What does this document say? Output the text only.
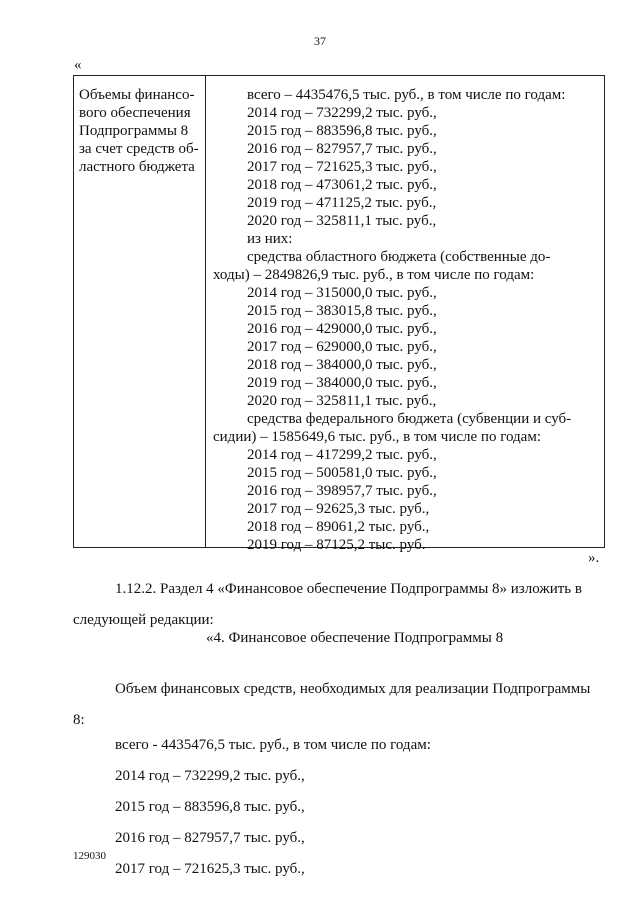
37
«
Объемы финансо-
вого обеспечения
Подпрограммы 8
за счет средств об-
ластного бюджета
всего – 4435476,5 тыс. руб., в том числе по годам:
2014 год – 732299,2 тыс. руб.,
2015 год – 883596,8 тыс. руб.,
2016 год – 827957,7 тыс. руб.,
2017 год – 721625,3 тыс. руб.,
2018 год – 473061,2 тыс. руб.,
2019 год – 471125,2 тыс. руб.,
2020 год – 325811,1 тыс. руб.,
из них:
средства областного бюджета (собственные до-
ходы) – 2849826,9 тыс. руб., в том числе по годам:
2014 год – 315000,0 тыс. руб.,
2015 год – 383015,8 тыс. руб.,
2016 год – 429000,0 тыс. руб.,
2017 год – 629000,0 тыс. руб.,
2018 год – 384000,0 тыс. руб.,
2019 год – 384000,0 тыс. руб.,
2020 год – 325811,1 тыс. руб.,
средства федерального бюджета (субвенции и суб-
сидии) – 1585649,6 тыс. руб., в том числе по годам:
2014 год – 417299,2 тыс. руб.,
2015 год – 500581,0 тыс. руб.,
2016 год – 398957,7 тыс. руб.,
2017 год – 92625,3 тыс. руб.,
2018 год – 89061,2 тыс. руб.,
2019 год – 87125,2 тыс. руб.
».
1.12.2. Раздел 4 «Финансовое обеспечение Подпрограммы 8» изложить в
следующей редакции:
«4. Финансовое обеспечение Подпрограммы 8
Объем финансовых средств, необходимых для реализации Подпрограммы
8:
всего - 4435476,5 тыс. руб., в том числе по годам:
2014 год – 732299,2 тыс. руб.,
2015 год – 883596,8 тыс. руб.,
2016 год – 827957,7 тыс. руб.,
2017 год – 721625,3 тыс. руб.,
129030
